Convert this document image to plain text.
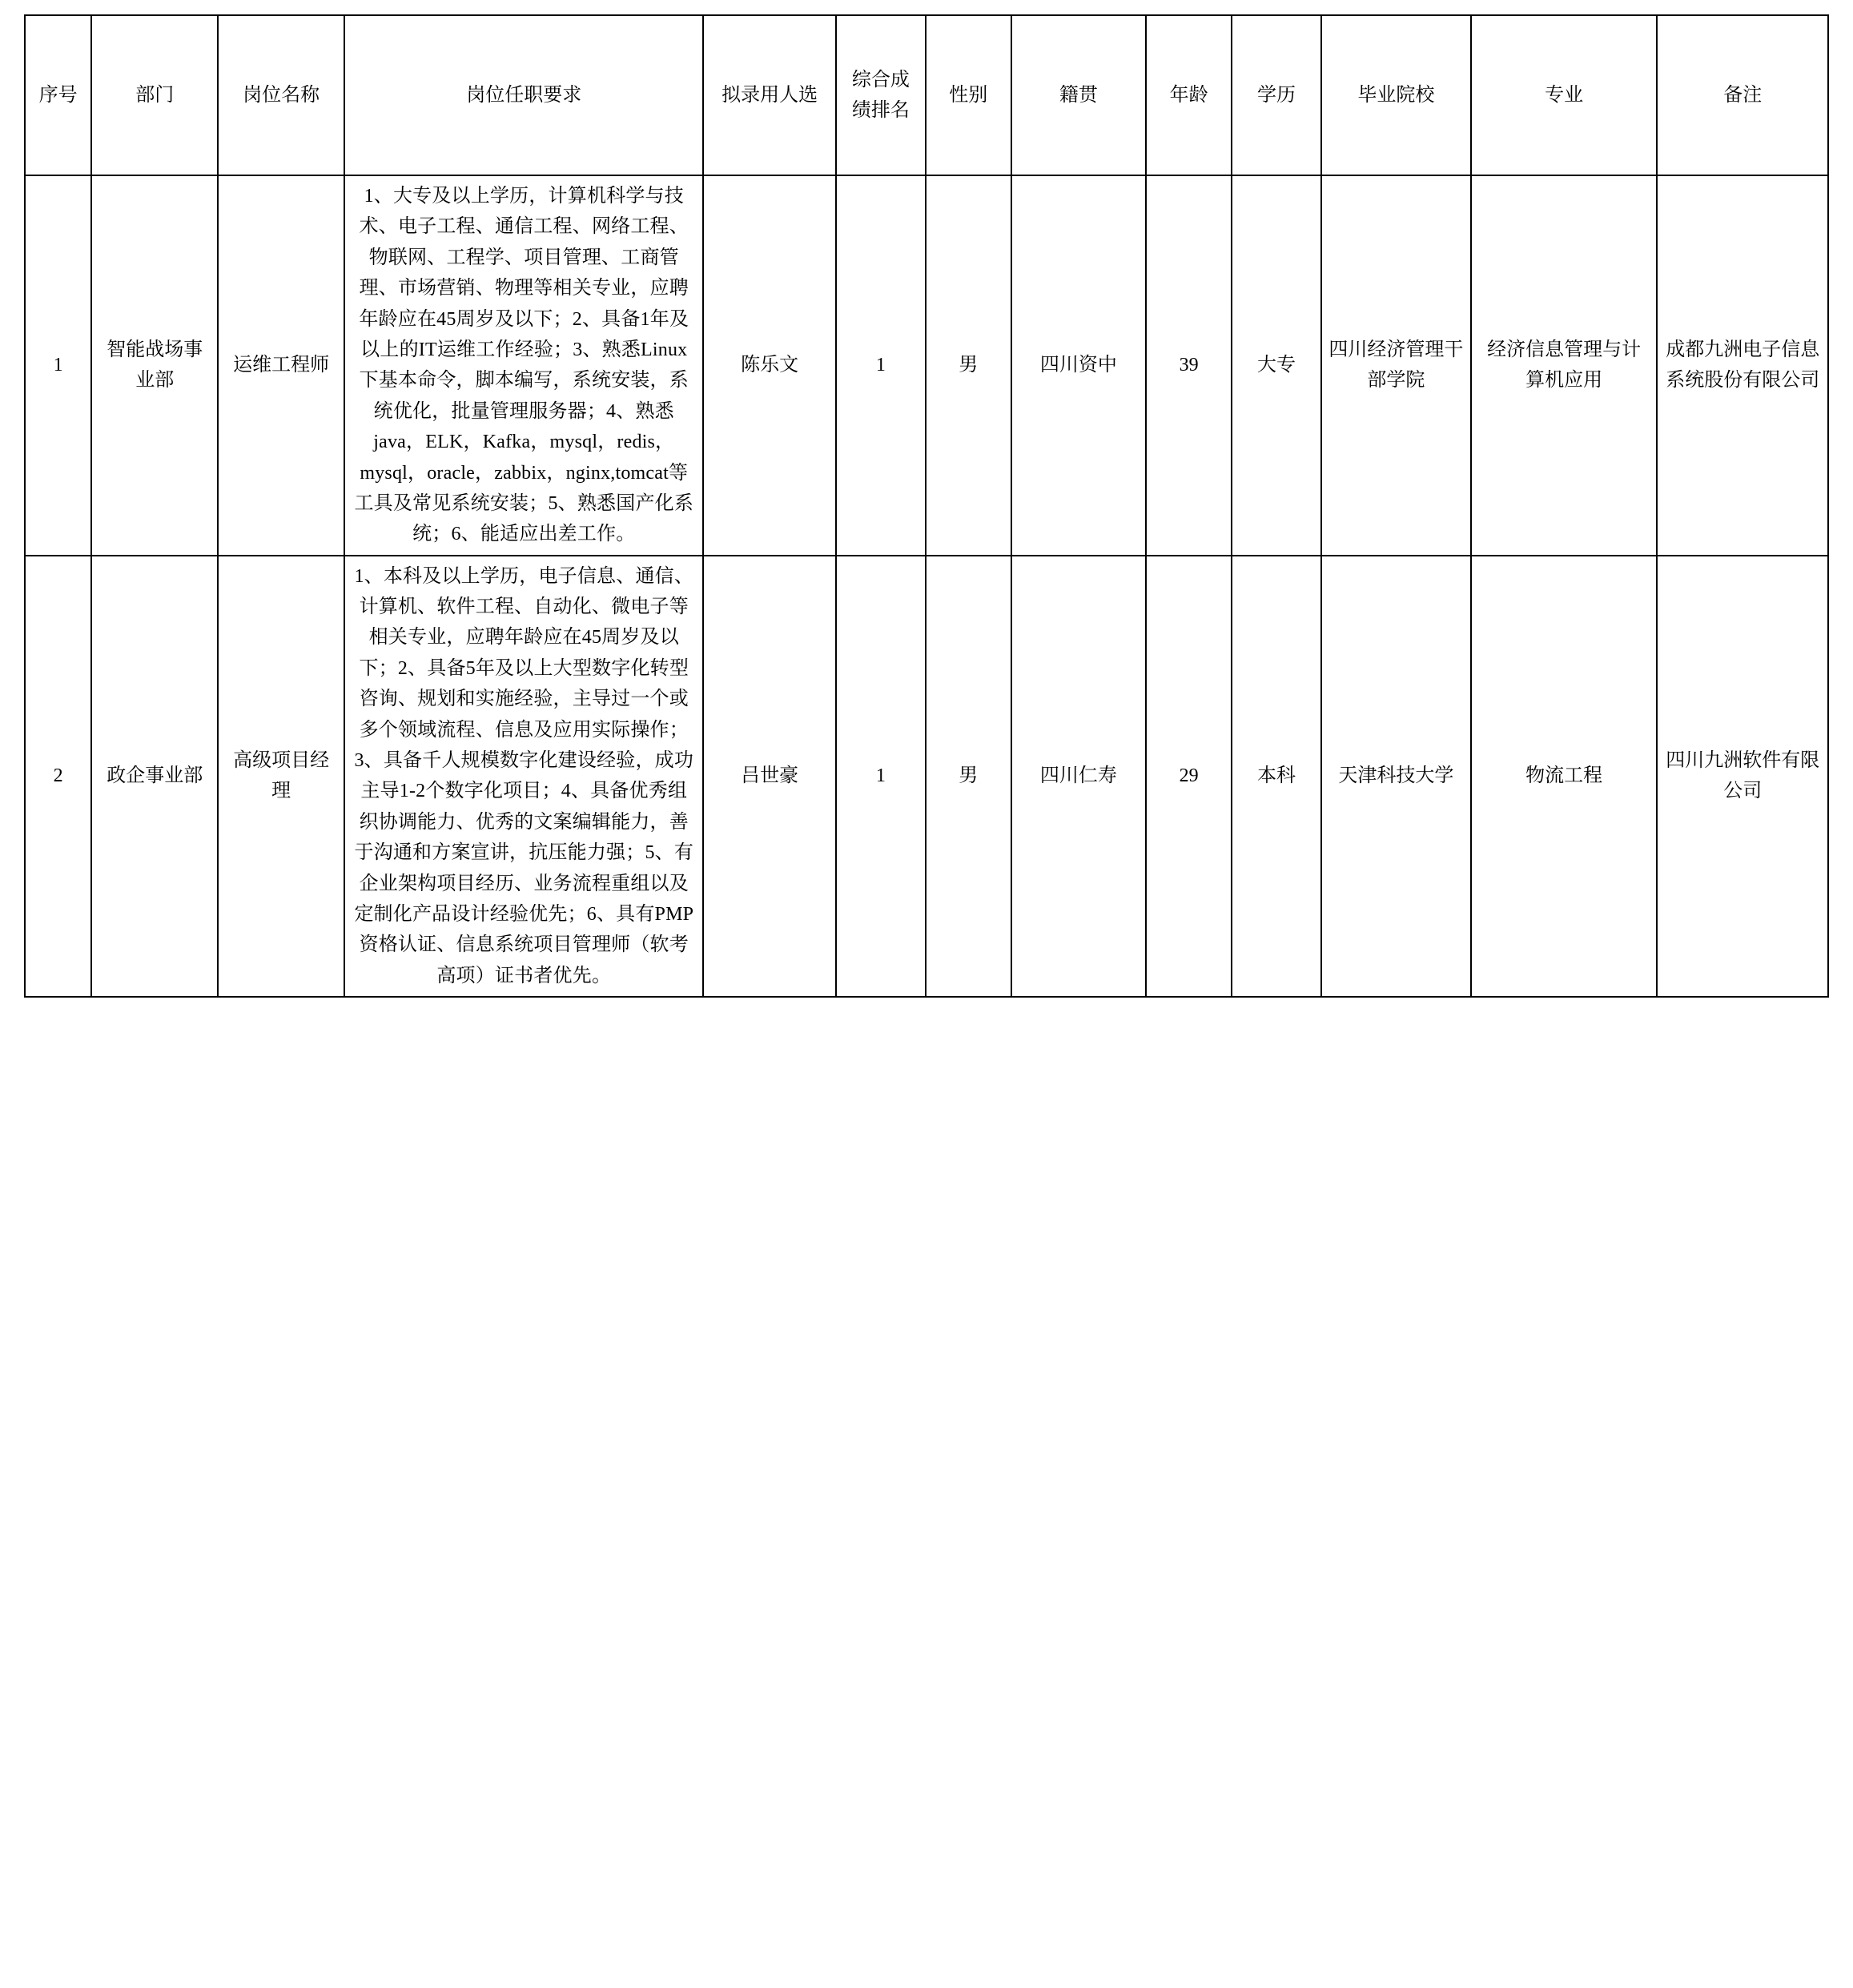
序号	部门	岗位名称	岗位任职要求	拟录用人选	综合成绩排名	性别	籍贯	年龄	学历	毕业院校	专业	备注
1	智能战场事业部	运维工程师	1、大专及以上学历，计算机科学与技术、电子工程、通信工程、网络工程、物联网、工程学、项目管理、工商管理、市场营销、物理等相关专业，应聘年龄应在45周岁及以下；2、具备1年及以上的IT运维工作经验；3、熟悉Linux下基本命令，脚本编写，系统安装，系统优化，批量管理服务器；4、熟悉java，ELK，Kafka，mysql，redis，mysql，oracle，zabbix，nginx,tomcat等工具及常见系统安装；5、熟悉国产化系统；6、能适应出差工作。	陈乐文	1	男	四川资中	39	大专	四川经济管理干部学院	经济信息管理与计算机应用	成都九洲电子信息系统股份有限公司
2	政企事业部	高级项目经理	1、本科及以上学历，电子信息、通信、计算机、软件工程、自动化、微电子等相关专业，应聘年龄应在45周岁及以下；2、具备5年及以上大型数字化转型咨询、规划和实施经验，主导过一个或多个领域流程、信息及应用实际操作；3、具备千人规模数字化建设经验，成功主导1-2个数字化项目；4、具备优秀组织协调能力、优秀的文案编辑能力，善于沟通和方案宣讲，抗压能力强；5、有企业架构项目经历、业务流程重组以及定制化产品设计经验优先；6、具有PMP资格认证、信息系统项目管理师（软考高项）证书者优先。	吕世豪	1	男	四川仁寿	29	本科	天津科技大学	物流工程	四川九洲软件有限公司
